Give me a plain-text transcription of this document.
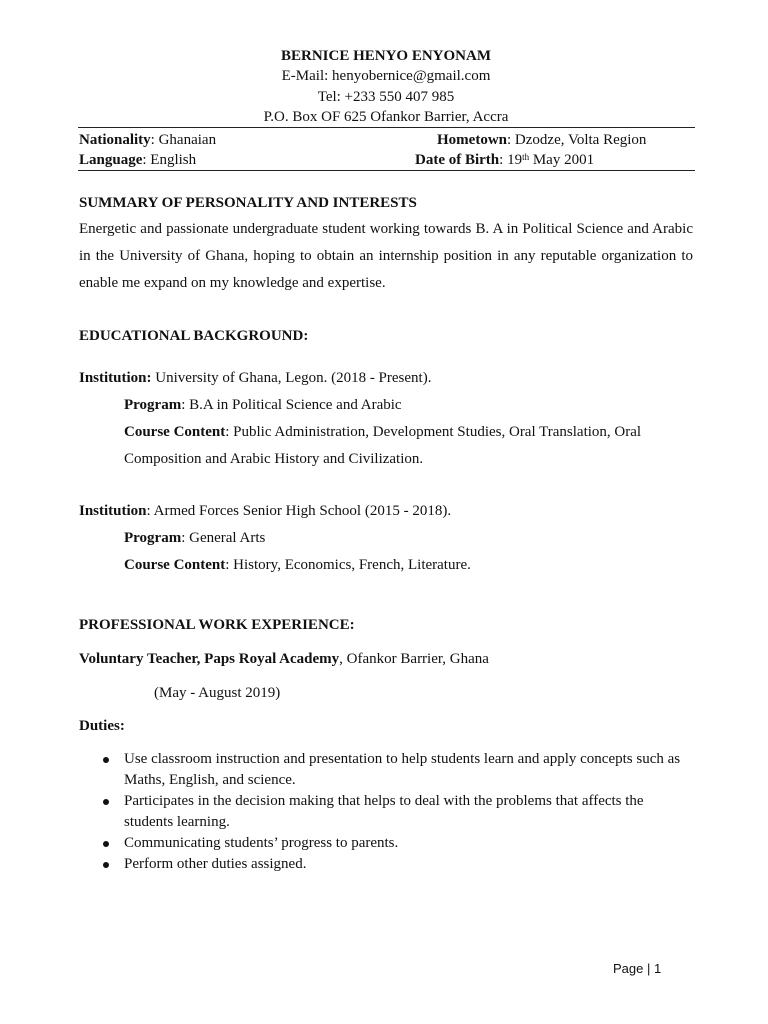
BERNICE HENYO ENYONAM
E-Mail: henyobernice@gmail.com
Tel: +233 550 407 985
P.O. Box OF 625 Ofankor Barrier, Accra
Nationality: Ghanaian	Hometown: Dzodze, Volta Region
Language: English	Date of Birth: 19th May 2001
SUMMARY OF PERSONALITY AND INTERESTS
Energetic and passionate undergraduate student working towards B. A in Political Science and Arabic in the University of Ghana, hoping to obtain an internship position in any reputable organization to enable me expand on my knowledge and expertise.
EDUCATIONAL BACKGROUND:
Institution: University of Ghana, Legon. (2018 - Present).
Program: B.A in Political Science and Arabic
Course Content: Public Administration, Development Studies, Oral Translation, Oral
Composition and Arabic History and Civilization.
Institution: Armed Forces Senior High School (2015 - 2018).
Program: General Arts
Course Content: History, Economics, French, Literature.
PROFESSIONAL WORK EXPERIENCE:
Voluntary Teacher, Paps Royal Academy, Ofankor Barrier, Ghana
(May - August 2019)
Duties:
Use classroom instruction and presentation to help students learn and apply concepts such as
Maths, English, and science.
Participates in the decision making that helps to deal with the problems that affects the
students learning.
Communicating students’ progress to parents.
Perform other duties assigned.
Page | 1
